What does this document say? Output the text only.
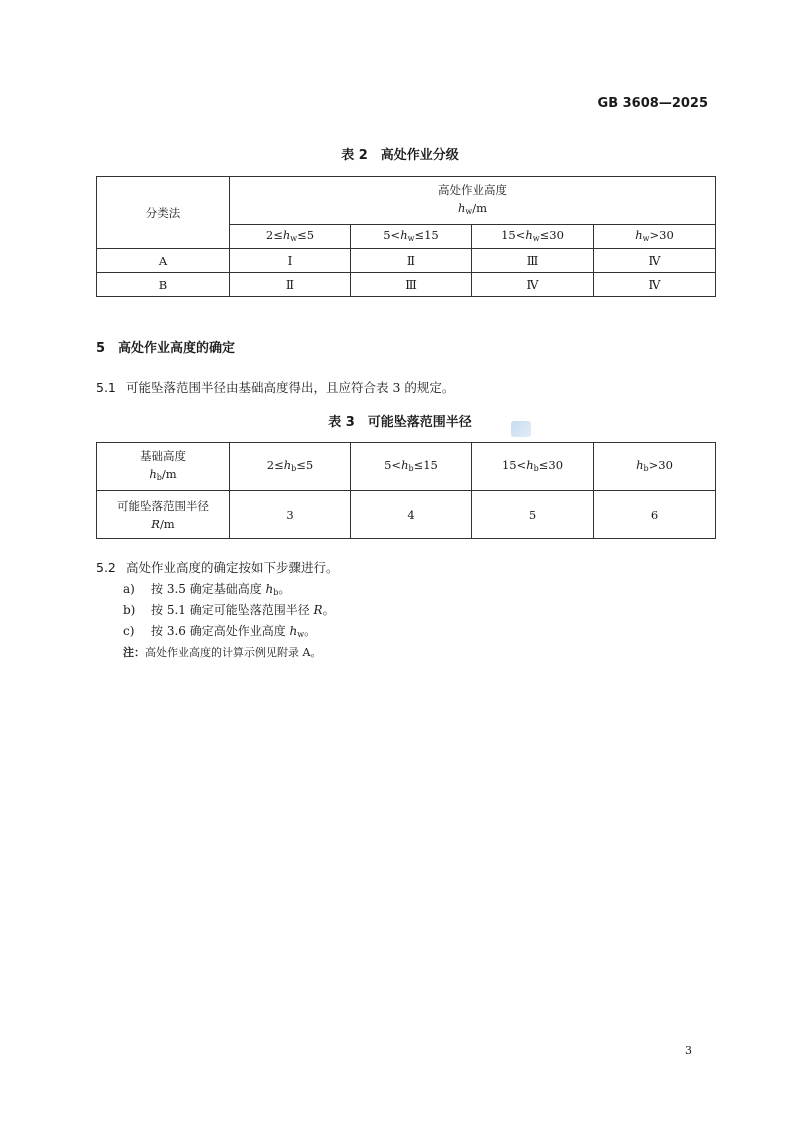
GB 3608—2025
表 2　高处作业分级
分类法	高处作业高度
$h_w/m$			

	$2\le h_w\le 5$	$5<h_w\le 15$	$15<h_w\le 30$	$h_w>30$
A	Ⅰ	Ⅱ	Ⅲ	Ⅳ
B	Ⅱ	Ⅲ	Ⅳ	Ⅳ
5　高处作业高度的确定
5.1 可能坠落范围半径由基础高度得出，且应符合表 3 的规定。
表 3　可能坠落范围半径
基础高度
$h_b/m$	$2\le h_b\le 5$	$5<h_b\le 15$	$15<h_b\le 30$	$h_b>30$

可能坠落范围半径
R/m	3	4	5	6
5.2 高处作业高度的确定按如下步骤进行。
a) 按 3.5 确定基础高度 $h_b$。
b) 按 5.1 确定可能坠落范围半径 R。
c) 按 3.6 确定高处作业高度 $h_w$。
注：高处作业高度的计算示例见附录 A。
3
